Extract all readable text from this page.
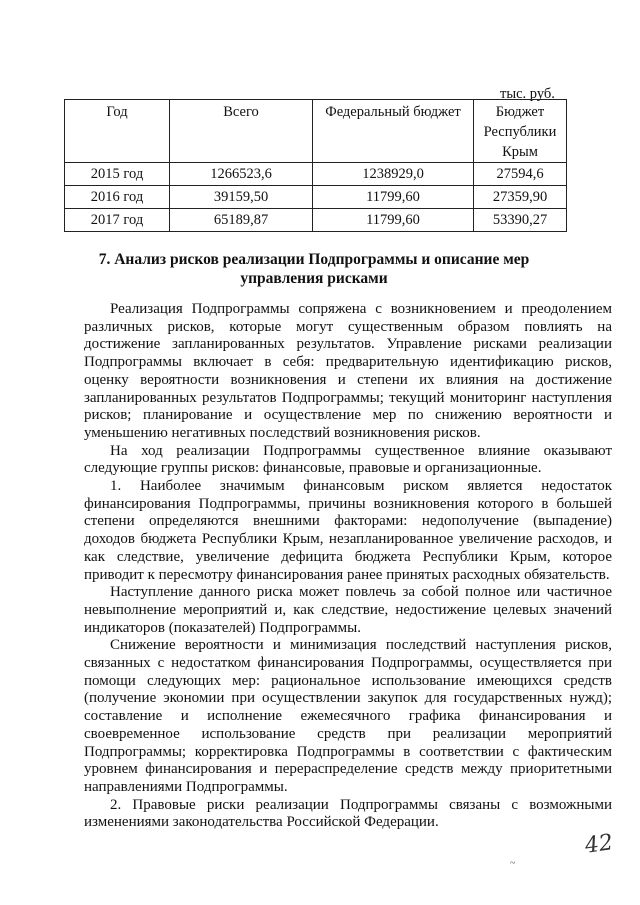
тыс. руб.
Год	Всего	Федеральный бюджет	Бюджет Республики Крым
2015 год	1266523,6	1238929,0	27594,6
2016 год	39159,50	11799,60	27359,90
2017 год	65189,87	11799,60	53390,27
7. Анализ рисков реализации Подпрограммы и описание мер
управления рисками

Реализация Подпрограммы сопряжена с возникновением и преодолением различных рисков, которые могут существенным образом повлиять на достижение запланированных результатов. Управление рисками реализации Подпрограммы включает в себя: предварительную идентификацию рисков, оценку вероятности возникновения и степени их влияния на достижение запланированных результатов Подпрограммы; текущий мониторинг наступления рисков; планирование и осуществление мер по снижению вероятности и уменьшению негативных последствий возникновения рисков.

На ход реализации Подпрограммы существенное влияние оказывают следующие группы рисков: финансовые, правовые и организационные.

1. Наиболее значимым финансовым риском является недостаток финансирования Подпрограммы, причины возникновения которого в большей степени определяются внешними факторами: недополучение (выпадение) доходов бюджета Республики Крым, незапланированное увеличение расходов, и как следствие, увеличение дефицита бюджета Республики Крым, которое приводит к пересмотру финансирования ранее принятых расходных обязательств.

Наступление данного риска может повлечь за собой полное или частичное невыполнение мероприятий и, как следствие, недостижение целевых значений индикаторов (показателей) Подпрограммы.

Снижение вероятности и минимизация последствий наступления рисков, связанных с недостатком финансирования Подпрограммы, осуществляется при помощи следующих мер: рациональное использование имеющихся средств (получение экономии при осуществлении закупок для государственных нужд); составление и исполнение ежемесячного графика финансирования и своевременное использование средств при реализации мероприятий Подпрограммы; корректировка Подпрограммы в соответствии с фактическим уровнем финансирования и перераспределение средств между приоритетными направлениями Подпрограммы.

2. Правовые риски реализации Подпрограммы связаны с возможными изменениями законодательства Российской Федерации.

42
~
